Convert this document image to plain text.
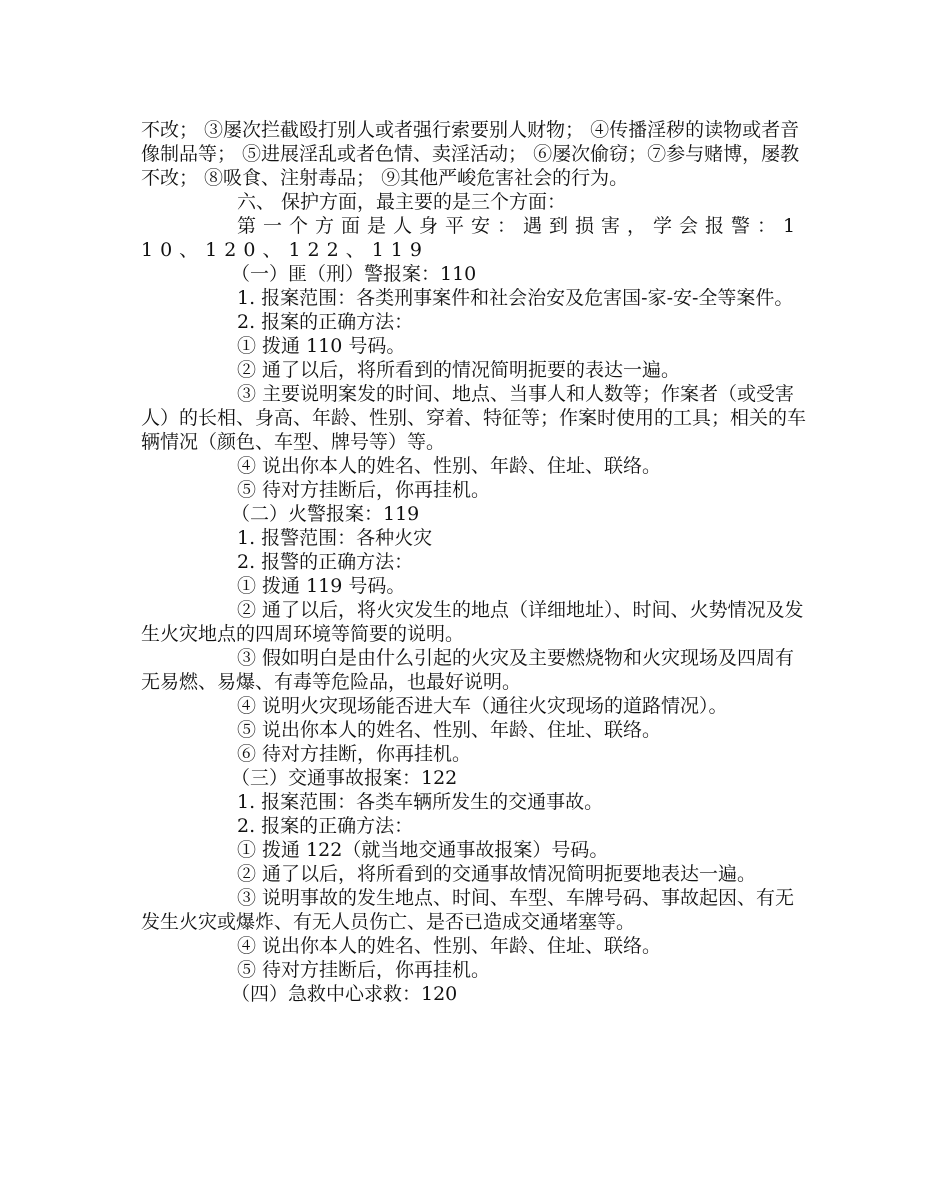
不改； ③屡次拦截殴打别人或者强行索要别人财物； ④传播淫秽的读物或者音像制品等； ⑤进展淫乱或者色情、卖淫活动； ⑥屡次偷窃；⑦参与赌博，屡教不改； ⑧吸食、注射毒品； ⑨其他严峻危害社会的行为。

六、 保护方面，最主要的是三个方面：

第一个方面是人身平安：遇到损害，学会报警：110、120、122、119

（一）匪（刑）警报案：110

1. 报案范围：各类刑事案件和社会治安及危害国-家-安-全等案件。

2. 报案的正确方法：

① 拨通 110 号码。

② 通了以后，将所看到的情况简明扼要的表达一遍。

③ 主要说明案发的时间、地点、当事人和人数等；作案者（或受害人）的长相、身高、年龄、性别、穿着、特征等；作案时使用的工具；相关的车辆情况（颜色、车型、牌号等）等。

④ 说出你本人的姓名、性别、年龄、住址、联络。

⑤ 待对方挂断后，你再挂机。

（二）火警报案：119

1. 报警范围：各种火灾

2. 报警的正确方法：

① 拨通 119 号码。

② 通了以后，将火灾发生的地点（详细地址）、时间、火势情况及发生火灾地点的四周环境等简要的说明。

③ 假如明白是由什么引起的火灾及主要燃烧物和火灾现场及四周有无易燃、易爆、有毒等危险品，也最好说明。

④ 说明火灾现场能否进大车（通往火灾现场的道路情况）。

⑤ 说出你本人的姓名、性别、年龄、住址、联络。

⑥ 待对方挂断，你再挂机。

（三）交通事故报案：122

1. 报案范围：各类车辆所发生的交通事故。

2. 报案的正确方法：

① 拨通 122（就当地交通事故报案）号码。

② 通了以后，将所看到的交通事故情况简明扼要地表达一遍。

③ 说明事故的发生地点、时间、车型、车牌号码、事故起因、有无发生火灾或爆炸、有无人员伤亡、是否已造成交通堵塞等。

④ 说出你本人的姓名、性别、年龄、住址、联络。

⑤ 待对方挂断后，你再挂机。

（四）急救中心求救：120
